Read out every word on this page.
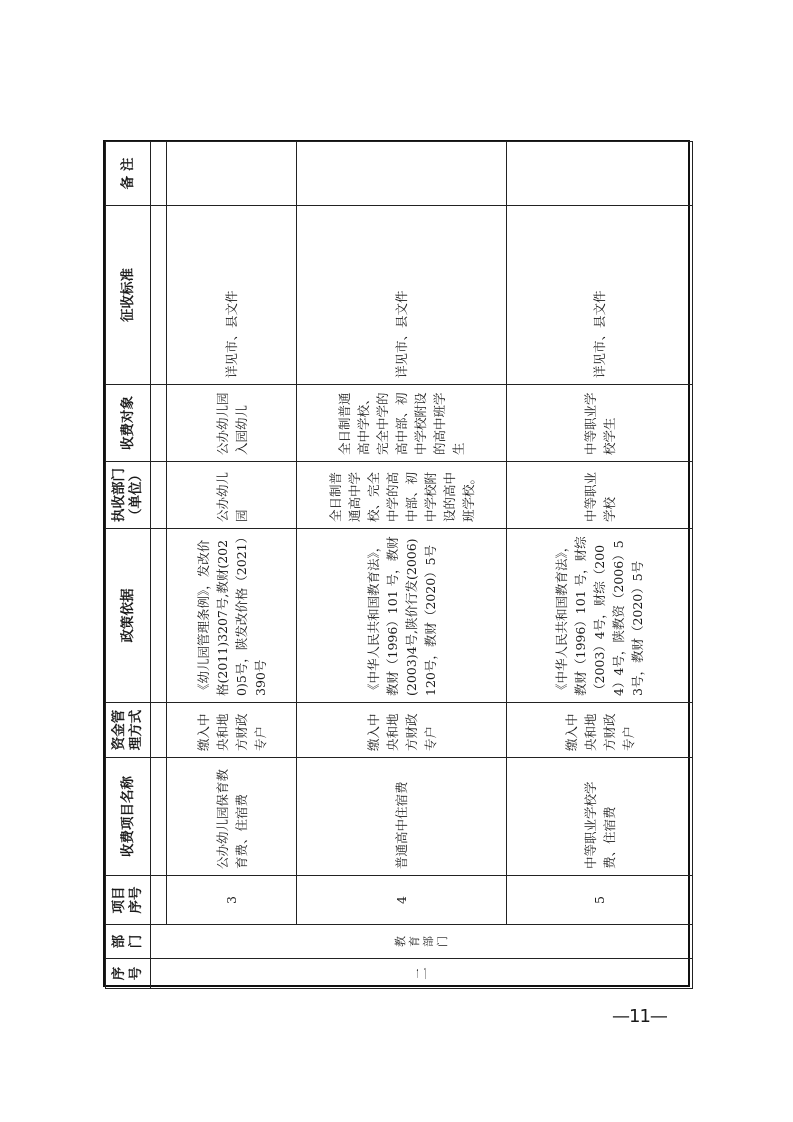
序号	部门	项目序号	收费项目名称	资金管理方式	政策依据	执收部门（单位）	收费对象	征收标准	备 注
二	教育部门								
		3	公办幼儿园保育教育费、住宿费	缴入中央和地方财政专户	《幼儿园管理条例》，发改价格(2011)3207号,教财(2020)5号，陕发改价格（2021）390号	公办幼儿园	公办幼儿园入园幼儿	详见市、县文件	
		4	普通高中住宿费	缴入中央和地方财政专户	《中华人民共和国教育法》，教财（1996）101 号，教财(2003)4号,陕价行发(2006)120号，教财（2020）5号	全日制普通高中学校、完全中学的高中部、初中学校附设的高中班学校。	全日制普通高中学校、完全中学的高中部、初中学校附设的高中班学生	详见市、县文件	
		5	中等职业学校学费、住宿费	缴入中央和地方财政专户	《中华人民共和国教育法》，教财（1996）101 号，财综（2003）4号，财综（2004）4号，陕教资（2006）53号，教财（2020）5号	中等职业学校	中等职业学校学生	详见市、县文件	
—11—
